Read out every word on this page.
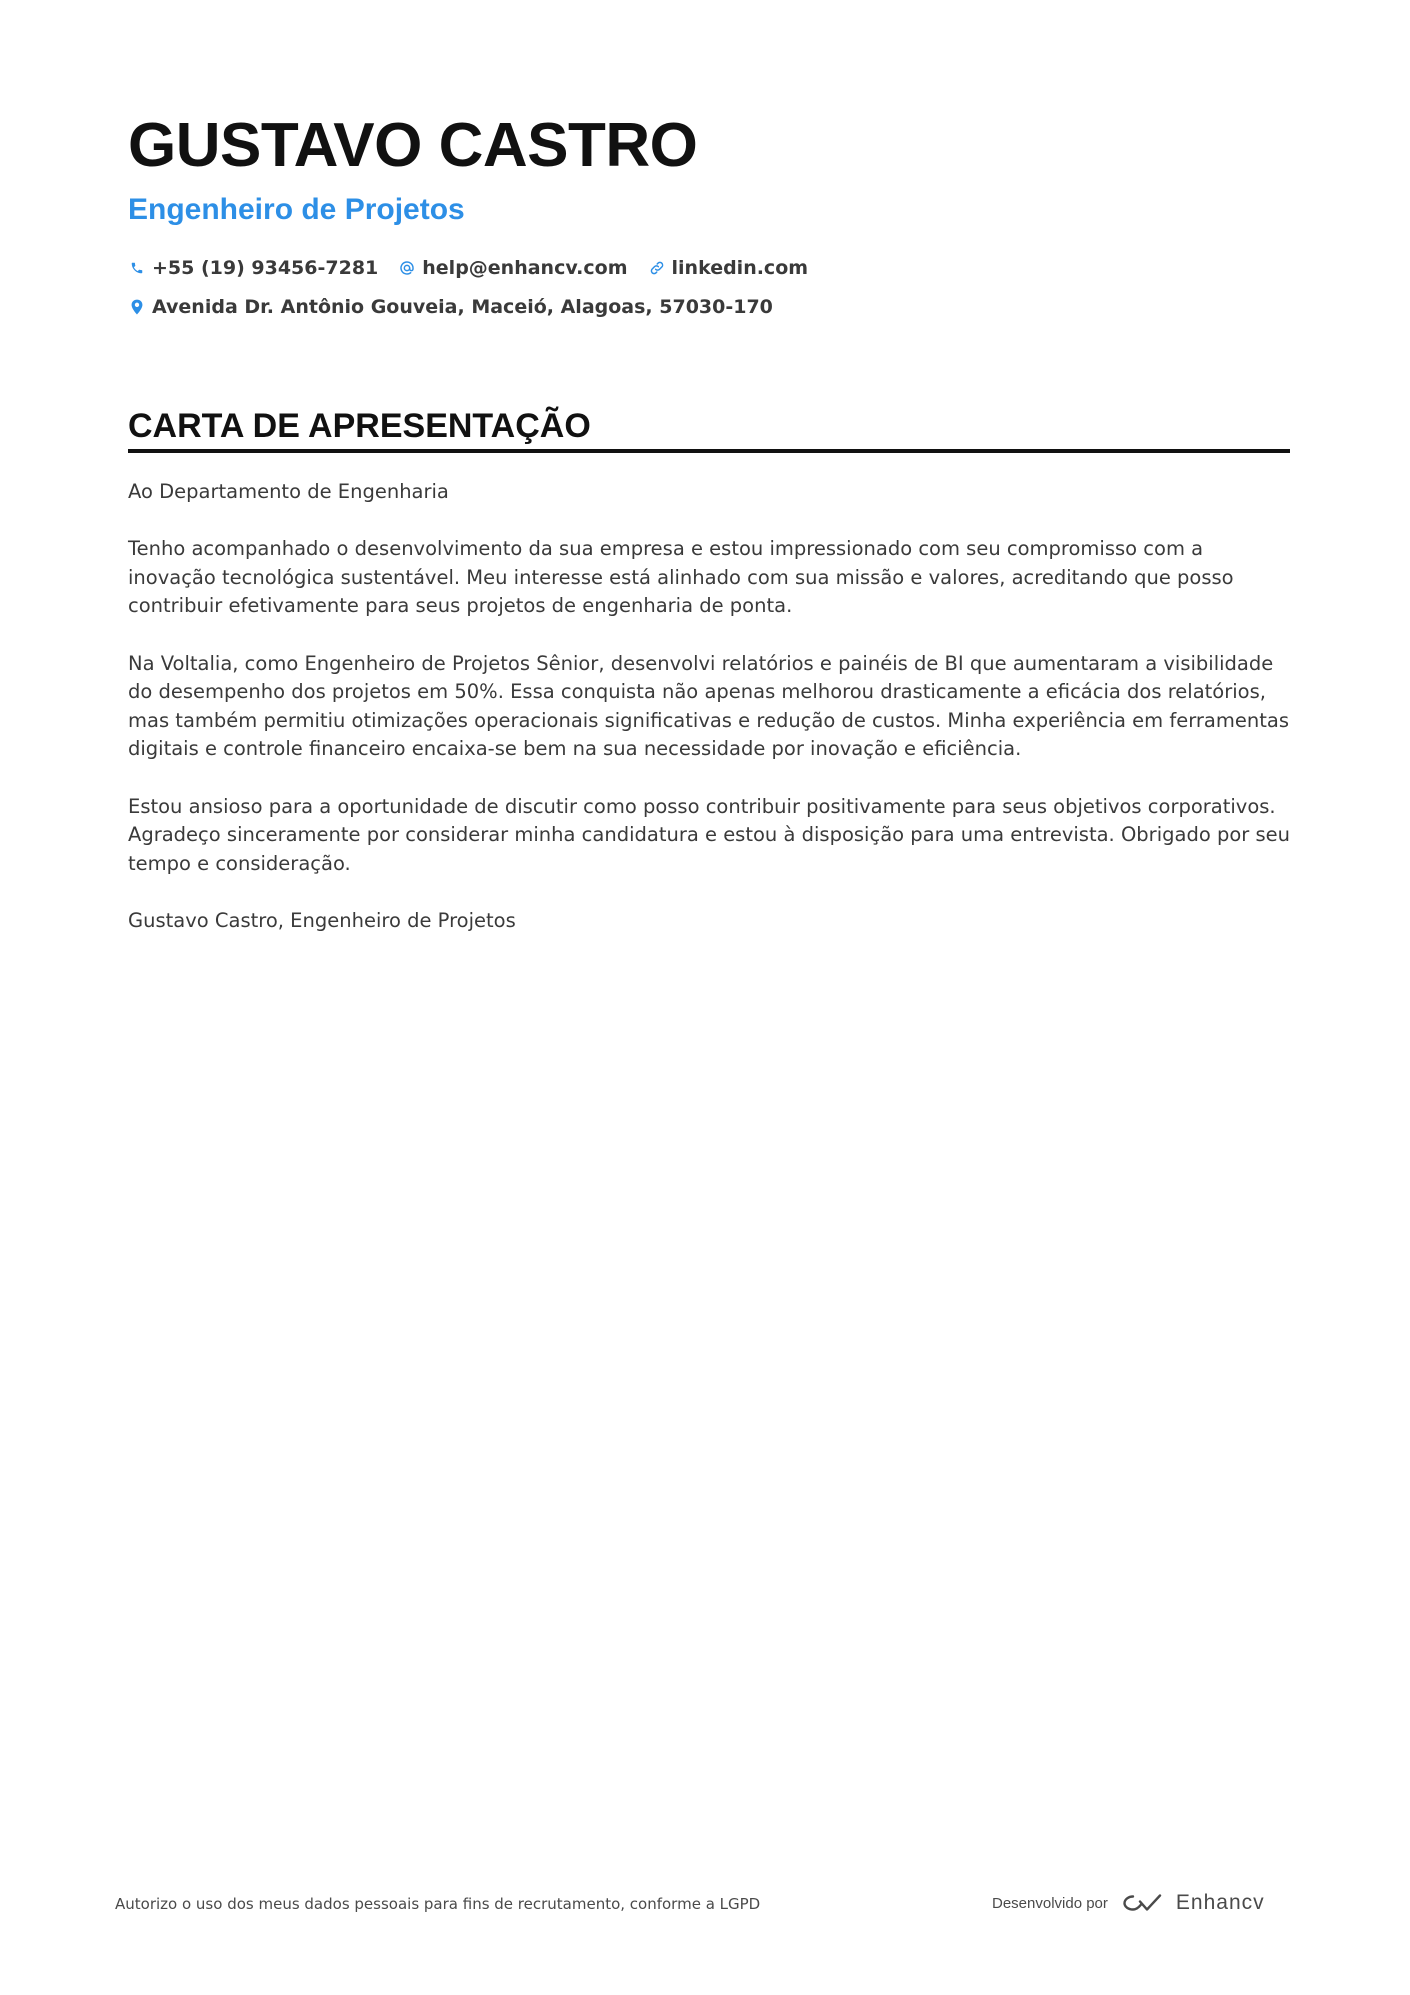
GUSTAVO CASTRO
Engenheiro de Projetos
+55 (19) 93456-7281 help@enhancv.com linkedin.com
Avenida Dr. Antônio Gouveia, Maceió, Alagoas, 57030-170
CARTA DE APRESENTAÇÃO

Ao Departamento de Engenharia

Tenho acompanhado o desenvolvimento da sua empresa e estou impressionado com seu compromisso com a inovação tecnológica sustentável. Meu interesse está alinhado com sua missão e valores, acreditando que posso contribuir efetivamente para seus projetos de engenharia de ponta.

Na Voltalia, como Engenheiro de Projetos Sênior, desenvolvi relatórios e painéis de BI que aumentaram a visibilidade do desempenho dos projetos em 50%. Essa conquista não apenas melhorou drasticamente a eficácia dos relatórios, mas também permitiu otimizações operacionais significativas e redução de custos. Minha experiência em ferramentas digitais e controle financeiro encaixa-se bem na sua necessidade por inovação e eficiência.

Estou ansioso para a oportunidade de discutir como posso contribuir positivamente para seus objetivos corporativos. Agradeço sinceramente por considerar minha candidatura e estou à disposição para uma entrevista. Obrigado por seu tempo e consideração.

Gustavo Castro, Engenheiro de Projetos

Autorizo o uso dos meus dados pessoais para fins de recrutamento, conforme a LGPD	Desenvolvido por	Enhancv
